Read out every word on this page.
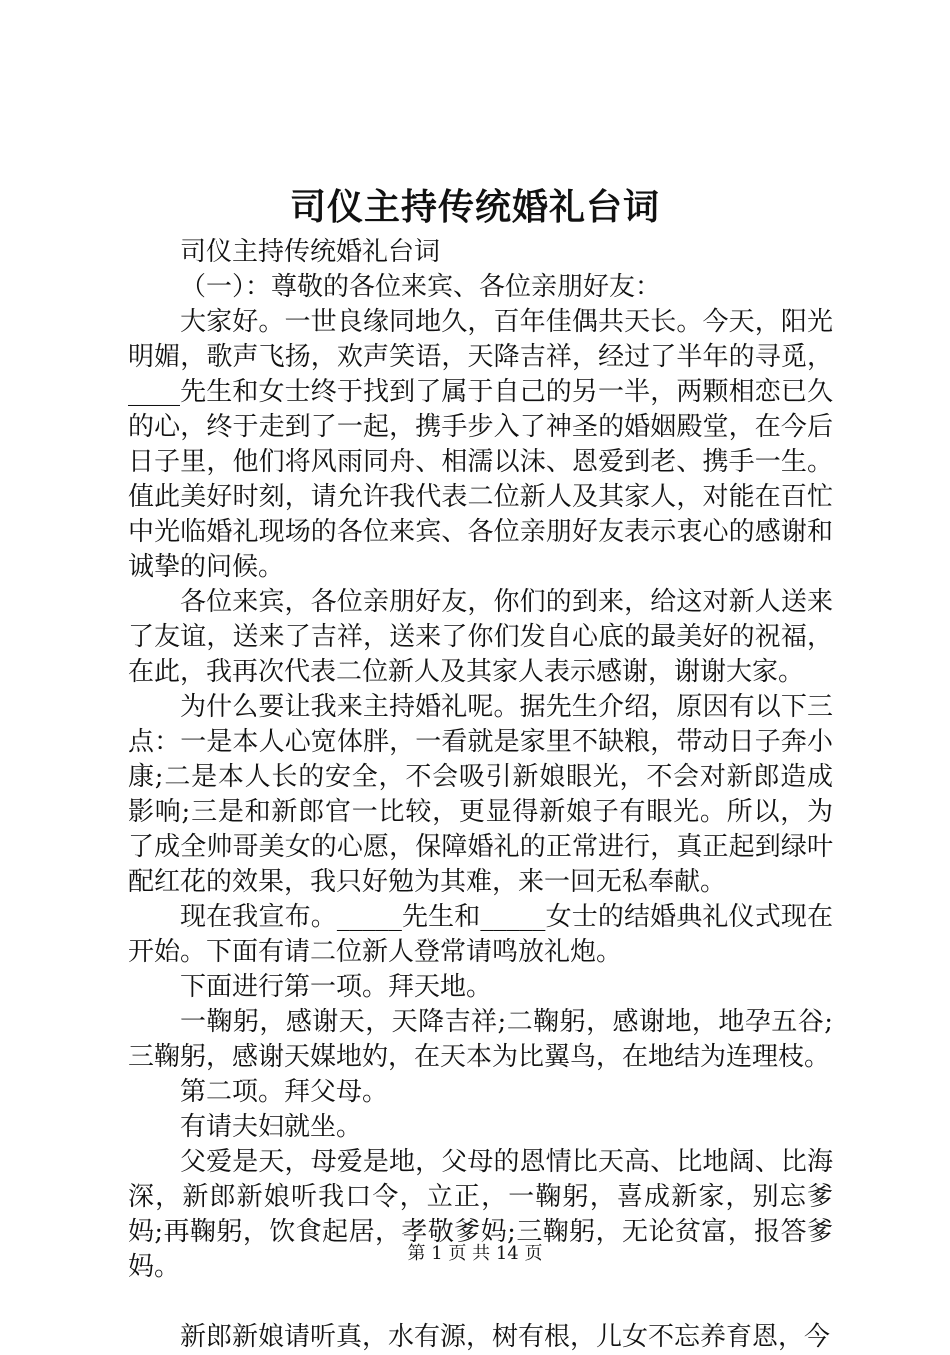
司仪主持传统婚礼台词

司仪主持传统婚礼台词

（一）：尊敬的各位来宾、各位亲朋好友：

大家好。一世良缘同地久，百年佳偶共天长。今天，阳光明媚，歌声飞扬，欢声笑语，天降吉祥，经过了半年的寻觅，____先生和女士终于找到了属于自己的另一半，两颗相恋已久的心，终于走到了一起，携手步入了神圣的婚姻殿堂，在今后日子里，他们将风雨同舟、相濡以沫、恩爱到老、携手一生。值此美好时刻，请允许我代表二位新人及其家人，对能在百忙中光临婚礼现场的各位来宾、各位亲朋好友表示衷心的感谢和诚挚的问候。

各位来宾，各位亲朋好友，你们的到来，给这对新人送来了友谊，送来了吉祥，送来了你们发自心底的最美好的祝福，在此，我再次代表二位新人及其家人表示感谢，谢谢大家。

为什么要让我来主持婚礼呢。据先生介绍，原因有以下三点：一是本人心宽体胖，一看就是家里不缺粮，带动日子奔小康;二是本人长的安全，不会吸引新娘眼光，不会对新郎造成影响;三是和新郎官一比较，更显得新娘子有眼光。所以，为了成全帅哥美女的心愿，保障婚礼的正常进行，真正起到绿叶配红花的效果，我只好勉为其难，来一回无私奉献。

现在我宣布。_____先生和_____女士的结婚典礼仪式现在开始。下面有请二位新人登常请鸣放礼炮。

下面进行第一项。拜天地。

一鞠躬，感谢天，天降吉祥;二鞠躬，感谢地，地孕五谷;三鞠躬，感谢天媒地妁，在天本为比翼鸟，在地结为连理枝。

第二项。拜父母。

有请夫妇就坐。

父爱是天，母爱是地，父母的恩情比天高、比地阔、比海深，新郎新娘听我口令，立正，一鞠躬，喜成新家，别忘爹妈;再鞠躬，饮食起居，孝敬爹妈;三鞠躬，无论贫富，报答爹妈。

新郎新娘请听真，水有源，树有根，儿女不忘养育恩，今

第 1 页 共 14 页
